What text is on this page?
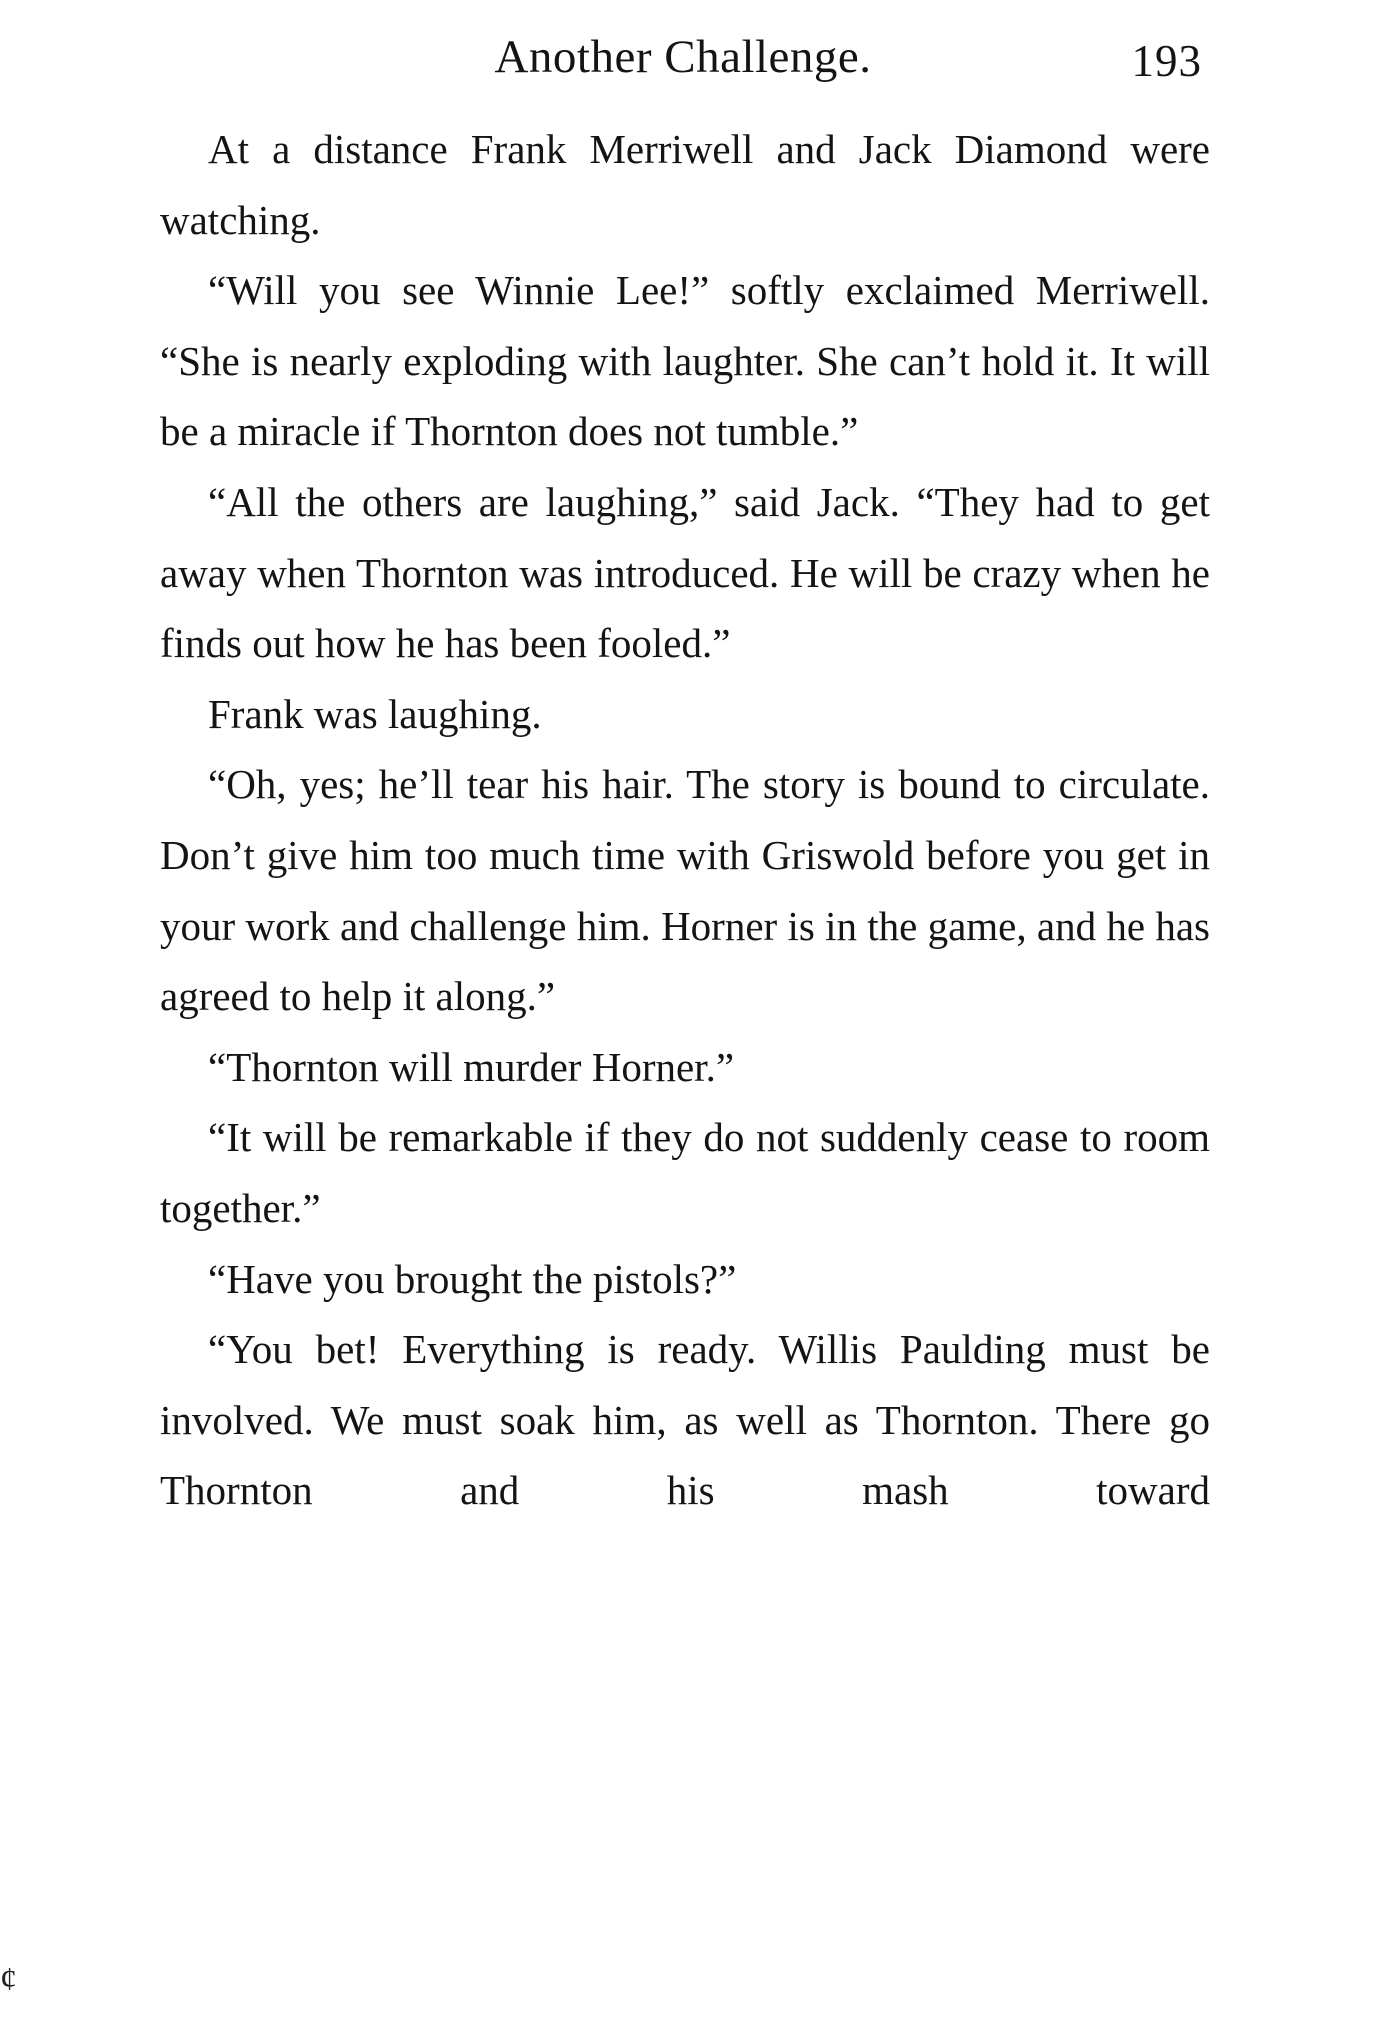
Another Challenge.	193

At a distance Frank Merriwell and Jack Diamond were watching.

“Will you see Winnie Lee!” softly exclaimed Merriwell. “She is nearly exploding with laughter. She can’t hold it. It will be a miracle if Thornton does not tumble.”

“All the others are laughing,” said Jack. “They had to get away when Thornton was introduced. He will be crazy when he finds out how he has been fooled.”

Frank was laughing.

“Oh, yes; he’ll tear his hair. The story is bound to circulate. Don’t give him too much time with Griswold before you get in your work and challenge him. Horner is in the game, and he has agreed to help it along.”

“Thornton will murder Horner.”

“It will be remarkable if they do not suddenly cease to room together.”

“Have you brought the pistols?”

“You bet! Everything is ready. Willis Paulding must be involved. We must soak him, as well as Thornton. There go Thornton and his mash toward

¢
